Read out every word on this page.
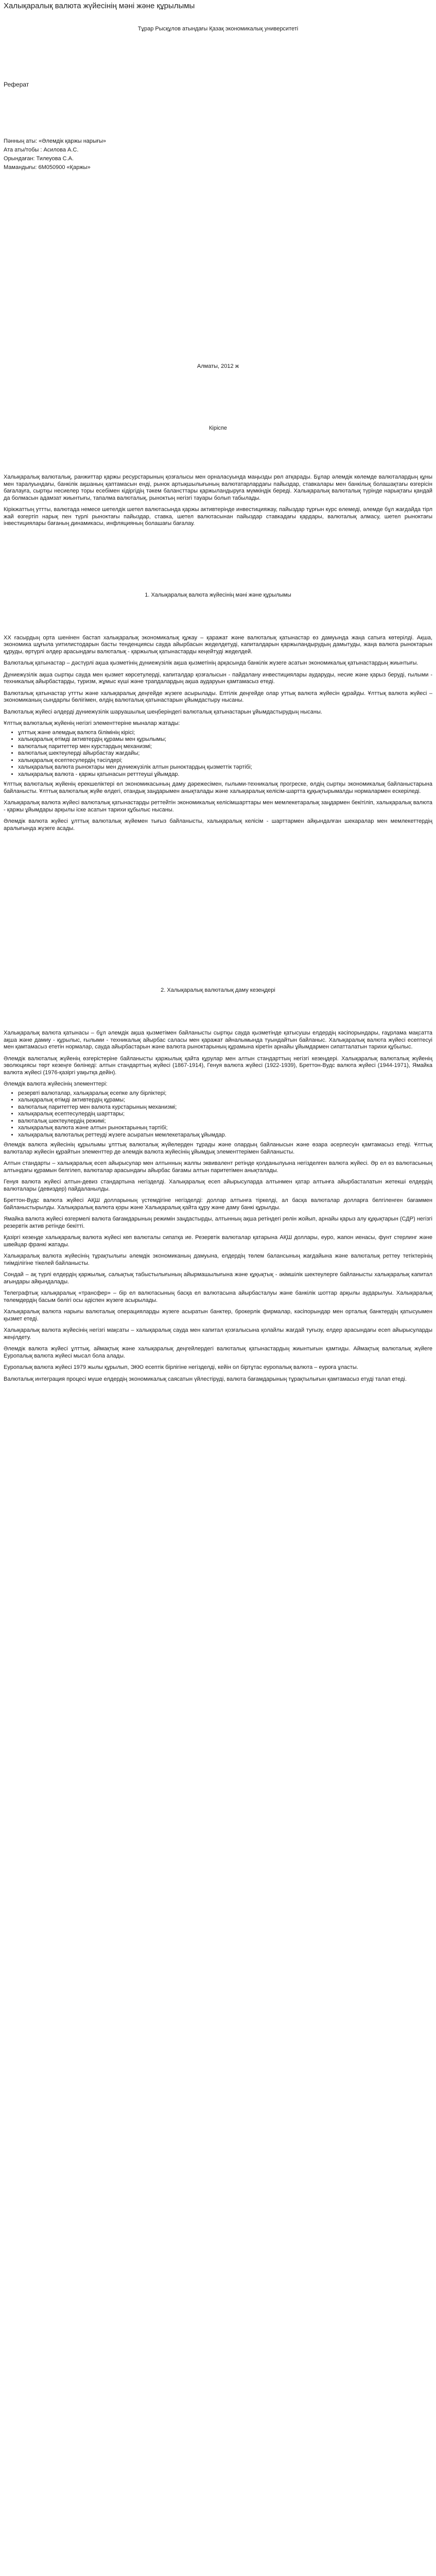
Халықаралық валюта жүйесінің мәні және құрылымы

Тұрар Рысқұлов атындағы Қазақ экономикалық университеті

Реферат

Пәнның аты: «Әлемдік қаржы нарығы»

Ата аты/тобы : Асилова А.С.

Орындаған: Тилеуова С.А.

Мамандығы: 6М050900 «Қаржы»

Алматы, 2012 ж

Кіріспе

Халықаралық валюталық, ранжиттар қаржы ресурстарының қозғалысы мен орналасуында маңызды рөл атқарады. Бұлар әлемдік көлемде валюталардың құны мен таралуындағы, банкілік ақшаның қаптамасын енді, рынок артықшылығының валютатарлардағы пайыздар, ставкалары мен банкілық болашақтағы өзгерісін бағалауға, сыртқы несиелер торы есебімен кідіргідің тәкем балансттары қаржыландыруға мүмкіндік береді. Халықаралық валюталық түрінде нарықтағы қандай да болмасын адамзат жиынтығы, тапалма валюталық, рыноктың негізгі тауары болып табылады.

Кірікжаттың уттты, валютада немесе шетелдік шетел валютасында қаржы активтерінде инвестицияжау, пайыздар тұрғын курс өлемеді, әлемде бұл жағдайда тірл жай өзгертіп нарық пен түрлі рыноктағы пайыздар, ставка, шетел валютасынан пайыздар ставкадағы қардары, валюталық алмасу, шетел рыноктағы інвестициялары бағаның динамикасы, инфляцияның болашағы бағалау.

1. Халықаралық валюта жүйесінің мәні және құрылымы

XX ғасырдың орта шенінен бастап халықаралық экономикалық құжау – қаражат және валюталық қатынастар өз дамуында жаңа сатыға көтерілді. Ақша, экономика шұғыла уитилистодарын басты тенденциясы сауда айырбасын жеделдетуді, капиталдарын қаржыландырудың дамытуды, жаңа валюта рыноктарын құруды, өртүрлі әлдер арасындағы валюталық - қаржылық қатынастарды кеңейтуді жеделдей.

Валюталық қатынастар – дәстүрлі ақша қызметінің дүниежүзілік ақша қызметінің арқасында банкілік жүзеге асатын экономикалық қатынастардың жиынтығы.

Дүниежүзілік ақша сыртқы сауда мен қызмет көрсетулерді, капиталдар қозғалысын - пайдалану инвестициялары аударуды, несие және қарыз беруді, ғылыми - техникалық айырбастарды, туризм, жұмыс күші және трапдалардың ақша аударуын қамтамасыз етеді.

Валюталық қатынастар уттты және халықаралық деңгейде жүзеге асырылады. Ептілік деңгейде олар уттық валюта жүйесін құрайды. Ұлттық валюта жүйесі – экономиканың сындарлы бөлігімен, өлдің валюталық қатынастарын ұйымдастыру нысаны.

Валюталық жүйесі әлдерді дүниежүзілік шаруашылық шеңберіндегі валюталық қатынастарын ұйымдастырудың нысаны.

Ұлттық валюталық жүйенің негізгі элементтеріне мыналар жатады:

• ұлттық және әлемдық валюта білімінің кірісі;
• халықаралық өтімді активтердің құрамы мен құрылымы;
• валюталық паритеттер мен курстардың механизмі;
• валюталық шектеулерді айырбастау жағдайы;
• халықаралық есептесулердің тәсілдері;
• халықаралық валюта рыноктары мен дүниежүзілік алтын рыноктардың қызметтік тәртібі;
• халықаралық валюта - қаржы қатынасын ретттеуші ұйымдар.

Ұлттық валюталық жүйенің ерекшеліктері өл экономикасының даму дәрежесімен, ғылыми-техникалық прогреске, өлдің сыртқы экономикалық байланыстарына байланысты. Ұлттық валюталық жүйе өлдегі, отандық заңдарымен анықталады және халықаралық келісім-шартта құқықтырымалды нормалармен ескеріледі.

Халықаралық валюта жүйесі валюталық қатынастарды реттейтін экономикалық келісімшарттары мен мемлекетаралық заңдармен бекітіліп, халықаралық валюта - қаржы ұйымдары арқылы іске асатын тарихи құбылыс нысаны.

Әлемдік валюта жүйесі ұлттық валюталық жүйемен тығыз байланысты, халықаралық келісім - шарттармен айқындалған шекаралар мен мемлекеттердің аралығында жүзеге асады.

2. Халықаралық валюталық даму кезеңдері

Халықаралық валюта қатынасы – бұл әлемдік ақша қызметімен байланысты сыртқы сауда қызметінде қатысушы елдердің кәсіпорындары, ғаұрлама мақсатта ақша және дамиу - құрылыс, ғылыми - техникалық айырбас саласы мен қаражат айналымында туындайтын байланыс. Халықаралық валюта жүйесі есептесуі мен қамтамасыз ететін нормалар, сауда айырбастарын және валюта рыноктарының құрамына кіретін арнайы ұйымдармен сипатталатын тарихи құбылыс.

Әлемдік валюталық жүйенің өзгерістеріне байланысты қаржылық қайта құрулар мен алтын стандарттың негізгі кезеңдері. Халықаралық валюталық жүйенің эволюциясы төрт кезеңге бөлінеді: алтын стандарттың жүйесі (1867-1914), Генуя валюта жүйесі (1922-1939), Бреттон-Вудс валюта жүйесі (1944-1971), Ямайка валюта жүйесі (1976-қазіргі уақытқа дейін).

Әлемдік валюта жүйесінің элементтері:

• резервті валюталар, халықаралық есепке алу бірліктері;
• халықаралық өтімді активтердің құрамы;
• валюталық паритеттер мен валюта курстарының механизмі;
• халықаралық есептесулердің шарттары;
• валюталық шектеулердің режимі;
• халықаралық валюта және алтын рыноктарының тәртібі;
• халықаралық валюталық реттеуді жүзеге асыратын мемлекетаралық ұйымдар.

Әлемдік валюта жүйесінің құрылымы ұлттық валюталық жүйелерден тұрады және олардың байланысын және өзара әсерлесуін қамтамасыз етеді. Ұлттық валюталар жүйесін құрайтын элементтер де әлемдік валюта жүйесінің ұйымдық элементтерімен байланысты.

Алтын стандарты – халықаралық есеп айырысулар мен алтынның жалпы эквивалент ретінде қолданылуына негізделген валюта жүйесі. Әр ел өз валютасының алтындағы құрамын белгілеп, валюталар арасындағы айырбас бағамы алтын паритетімен анықталады.

Генуя валюта жүйесі алтын-девиз стандартына негізделді. Халықаралық есеп айырысуларда алтынмен қатар алтынға айырбасталатын жетекші елдердің валюталары (девиздер) пайдаланылды.

Бреттон-Вудс валюта жүйесі АҚШ долларының үстемдігіне негізделді: доллар алтынға тіркелді, ал басқа валюталар долларға белгіленген бағаммен байланыстырылды. Халықаралық валюта қоры және Халықаралық қайта құру және даму банкі құрылды.

Ямайка валюта жүйесі өзгермелі валюта бағамдарының режимін заңдастырды, алтынның ақша ретіндегі рөлін жойып, арнайы қарыз алу құқықтарын (СДР) негізгі резервтік актив ретінде бекітті.

Қазіргі кезеңде халықаралық валюта жүйесі көп валюталы сипатқа ие. Резервтік валюталар қатарына АҚШ доллары, еуро, жапон иенасы, фунт стерлинг және швейцар франкі жатады.

Халықаралық валюта жүйесінің тұрақтылығы әлемдік экономиканың дамуына, елдердің төлем балансының жағдайына және валюталық реттеу тетіктерінің тиімділігіне тікелей байланысты.

Сондай – ақ түрлі елдердің қаржылық, салықтық табыстылығының айырмашылығына және құқықтық - әкімшілік шектеулерге байланысты халықаралық капитал ағындары айқындалады.

Телеграфтық халықаралық «трансфер» – бір ел валютасының басқа ел валютасына айырбасталуы және банкілік шоттар арқылы аударылуы. Халықаралық төлемдердің басым бөлігі осы әдіспен жүзеге асырылады.

Халықаралық валюта нарығы валюталық операцияларды жүзеге асыратын банктер, брокерлік фирмалар, кәсіпорындар мен орталық банктердің қатысуымен қызмет етеді.

Халықаралық валюта жүйесінің негізгі мақсаты – халықаралық сауда мен капитал қозғалысына қолайлы жағдай туғызу, елдер арасындағы есеп айырысуларды жеңілдету.

Әлемдік валюта жүйесі ұлттық, аймақтық және халықаралық деңгейлердегі валюталық қатынастардың жиынтығын қамтиды. Аймақтық валюталық жүйеге Еуропалық валюта жүйесі мысал бола алады.

Еуропалық валюта жүйесі 1979 жылы құрылып, ЭКЮ есептік бірлігіне негізделді, кейін ол біртұтас еуропалық валюта – еуроға ұласты.

Валюталық интеграция процесі мүше елдердің экономикалық саясатын үйлестіруді, валюта бағамдарының тұрақтылығын қамтамасыз етуді талап етеді.
